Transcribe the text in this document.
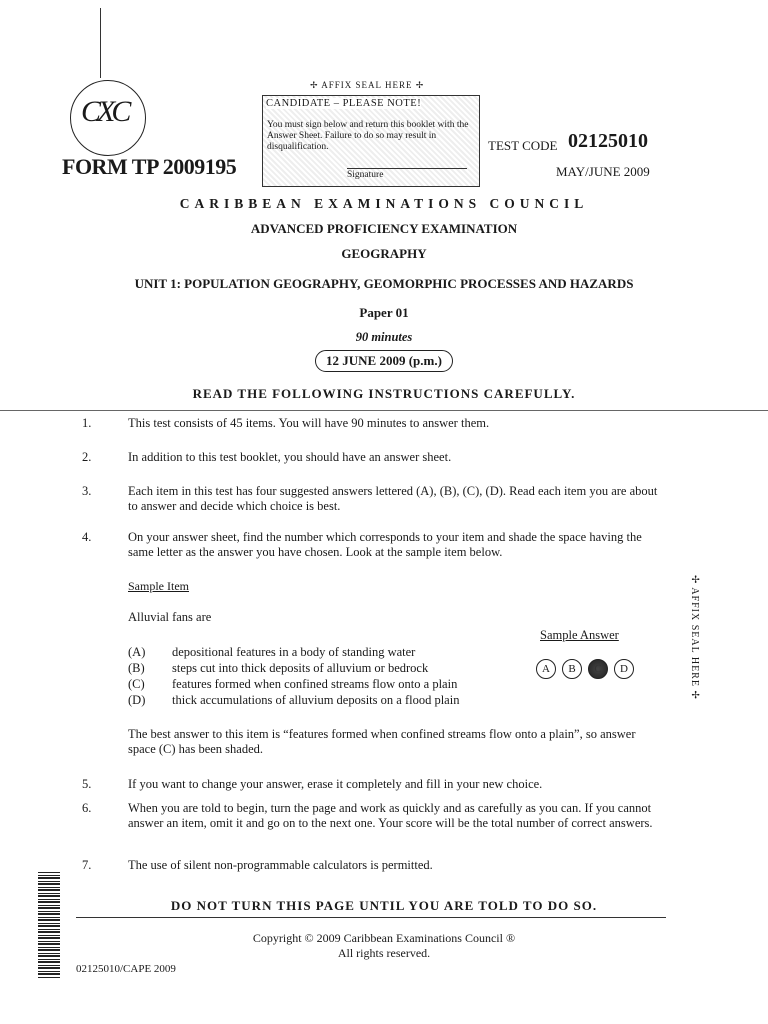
CXC
FORM TP 2009195
✢ AFFIX SEAL HERE ✢
CANDIDATE – PLEASE NOTE!
You must sign below and return this booklet with the Answer Sheet. Failure to do so may result in disqualification.
Signature
TEST CODE 02125010
MAY/JUNE 2009
CARIBBEAN EXAMINATIONS COUNCIL
ADVANCED PROFICIENCY EXAMINATION
GEOGRAPHY
UNIT 1: POPULATION GEOGRAPHY, GEOMORPHIC PROCESSES AND HAZARDS
Paper 01
90 minutes
12 JUNE 2009 (p.m.)
READ THE FOLLOWING INSTRUCTIONS CAREFULLY.
1.	This test consists of 45 items. You will have 90 minutes to answer them.
2.	In addition to this test booklet, you should have an answer sheet.
3.	Each item in this test has four suggested answers lettered (A), (B), (C), (D). Read each item you are about to answer and decide which choice is best.
4.	On your answer sheet, find the number which corresponds to your item and shade the space having the same letter as the answer you have chosen. Look at the sample item below.
Sample Item
Alluvial fans are
Sample Answer
(A) depositional features in a body of standing water
(B) steps cut into thick deposits of alluvium or bedrock
(C) features formed when confined streams flow onto a plain
(D) thick accumulations of alluvium deposits on a flood plain
A B C D
✢ AFFIX SEAL HERE ✢
The best answer to this item is “features formed when confined streams flow onto a plain”, so answer space (C) has been shaded.
5.	If you want to change your answer, erase it completely and fill in your new choice.
6.	When you are told to begin, turn the page and work as quickly and as carefully as you can. If you cannot answer an item, omit it and go on to the next one. Your score will be the total number of correct answers.
7.	The use of silent non-programmable calculators is permitted.
DO NOT TURN THIS PAGE UNTIL YOU ARE TOLD TO DO SO.
Copyright © 2009 Caribbean Examinations Council ®
All rights reserved.
02125010/CAPE 2009
